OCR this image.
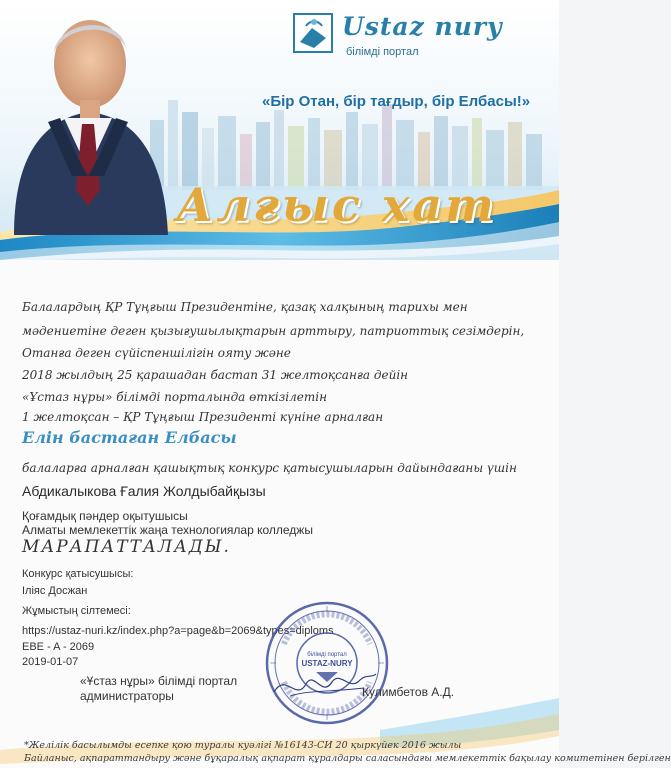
Ustaz nury
білімді портал
«Бір Отан, бір тағдыр, бір Елбасы!»
Алғыс хат
Балалардың ҚР Тұңғыш Президентіне, қазақ халқының тарихы мен
мәдениетіне деген қызығушылықтарын арттыру, патриоттық сезімдерін,
Отанға деген сүйіспеншілігін ояту және
2018 жылдың 25 қарашадан бастап 31 желтоқсанға дейін
«Ұстаз нұры» білімді порталында өткізілетін
1 желтоқсан – ҚР Тұңғыш Президенті күніне арналған
Елін бастаған Елбасы
балаларға арналған қашықтық конкурс қатысушыларын дайындағаны үшін
Абдикалыкова Ғалия Жолдыбайқызы
Қоғамдық пәндер оқытушысы
Алматы мемлекеттік жаңа технологиялар колледжы
МАРАПАТТАЛАДЫ.
Конкурс қатысушысы:
Іліяс Досжан
Жұмыстың сілтемесі:
https://ustaz-nuri.kz/index.php?a=page&b=2069&types=diploms
EBE - A - 2069
2019-01-07
білімді портал
USTAZ-NURY
«Ұстаз нұры» білімді портал
администраторы	Кулимбетов А.Д.
*Желілік басылымды есепке қою туралы куәлігі №16143-СИ 20 қыркүйек 2016 жылы
Байланыс, ақпараттандыру және бұқаралық ақпарат құралдары саласындағы мемлекеттік бақылау комитетінен берілген
